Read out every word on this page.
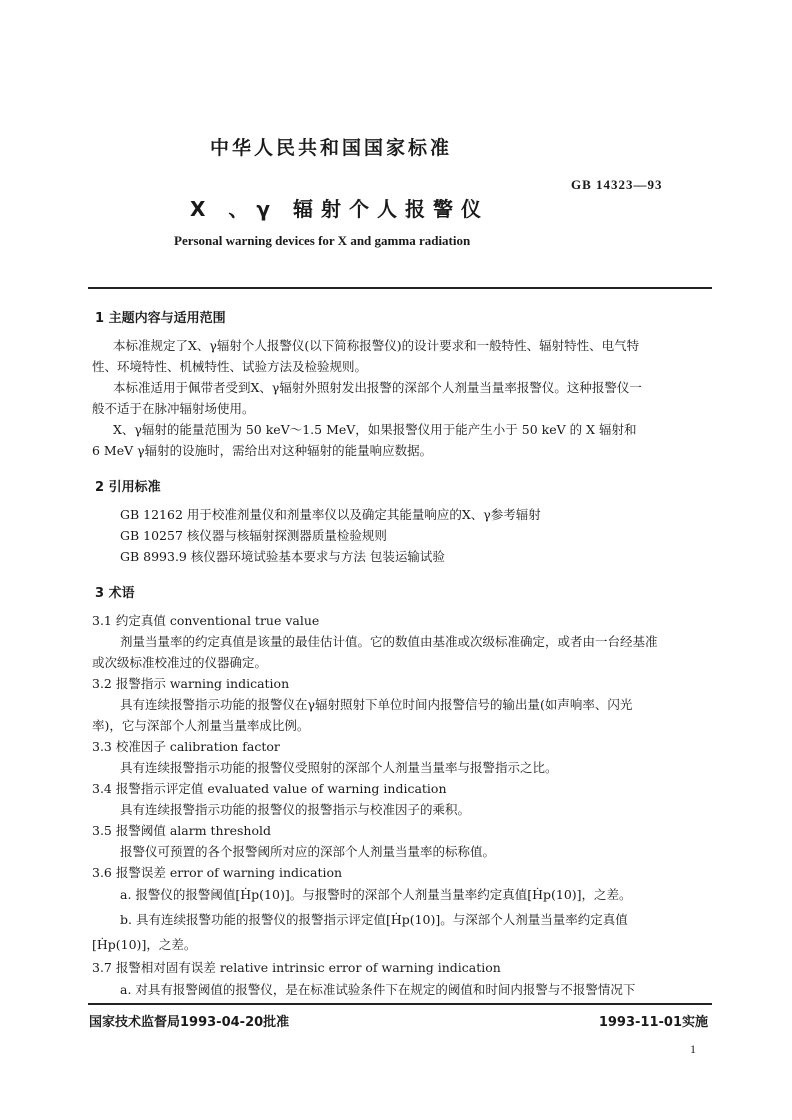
中华人民共和国国家标准
GB 14323—93
X 、γ 辐射个人报警仪
Personal warning devices for X and gamma radiation
1 主题内容与适用范围
本标准规定了X、γ辐射个人报警仪(以下简称报警仪)的设计要求和一般特性、辐射特性、电气特
性、环境特性、机械特性、试验方法及检验规则。
本标准适用于佩带者受到X、γ辐射外照射发出报警的深部个人剂量当量率报警仪。这种报警仪一
般不适于在脉冲辐射场使用。
X、γ辐射的能量范围为 50 keV～1.5 MeV，如果报警仪用于能产生小于 50 keV 的 X 辐射和
6 MeV γ辐射的设施时，需给出对这种辐射的能量响应数据。
2 引用标准
GB 12162 用于校准剂量仪和剂量率仪以及确定其能量响应的X、γ参考辐射
GB 10257 核仪器与核辐射探测器质量检验规则
GB 8993.9 核仪器环境试验基本要求与方法 包装运输试验
3 术语
3.1 约定真值 conventional true value
剂量当量率的约定真值是该量的最佳估计值。它的数值由基准或次级标准确定，或者由一台经基准
或次级标准校准过的仪器确定。
3.2 报警指示 warning indication
具有连续报警指示功能的报警仪在γ辐射照射下单位时间内报警信号的输出量(如声响率、闪光
率)，它与深部个人剂量当量率成比例。
3.3 校准因子 calibration factor
具有连续报警指示功能的报警仪受照射的深部个人剂量当量率与报警指示之比。
3.4 报警指示评定值 evaluated value of warning indication
具有连续报警指示功能的报警仪的报警指示与校准因子的乘积。
3.5 报警阈值 alarm threshold
报警仪可预置的各个报警阈所对应的深部个人剂量当量率的标称值。
3.6 报警误差 error of warning indication
a. 报警仪的报警阈值[Ḣp(10)]。与报警时的深部个人剂量当量率约定真值[Ḣp(10)]，之差。
b. 具有连续报警功能的报警仪的报警指示评定值[Ḣp(10)]。与深部个人剂量当量率约定真值
[Ḣp(10)]，之差。
3.7 报警相对固有误差 relative intrinsic error of warning indication
a. 对具有报警阈值的报警仪，是在标准试验条件下在规定的阈值和时间内报警与不报警情况下
国家技术监督局1993-04-20批准	1993-11-01实施
1
